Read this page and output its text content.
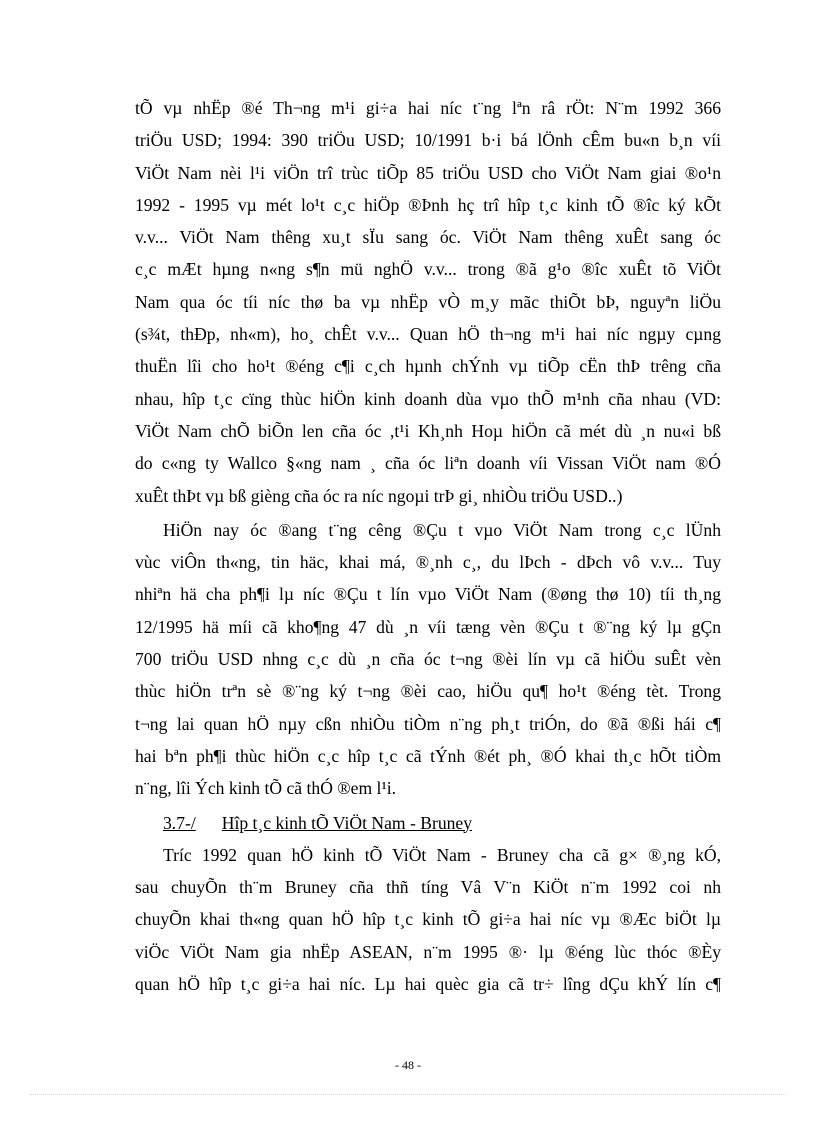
tÕ vµ nhËp ®é Th¬ng m¹i gi÷a hai níc t¨ng lªn râ rÖt: N¨m 1992 366
triÖu USD; 1994: 390 triÖu USD; 10/1991 b·i bá lÖnh cÊm bu«n b¸n víi
ViÖt Nam nèi l¹i viÖn trî trùc tiÕp 85 triÖu USD cho ViÖt Nam giai ®o¹n
1992 - 1995 vµ mét lo¹t c¸c hiÖp ®Þnh hç trî hîp t¸c kinh tÕ ®îc ký kÕt
v.v... ViÖt Nam thêng xu¸t sÏu sang óc. ViÖt Nam thêng xuÊt sang óc
c¸c mÆt hµng n«ng s¶n mü nghÖ v.v... trong ®ã g¹o ®îc xuÊt tõ ViÖt
Nam qua óc tíi níc thø ba vµ nhËp vÒ m¸y mãc thiÕt bÞ, nguyªn liÖu
(s¾t, thÐp, nh«m), ho¸ chÊt v.v... Quan hÖ th¬ng m¹i hai níc ngµy cµng
thuËn lîi cho ho¹t ®éng c¶i c¸ch hµnh chÝnh vµ tiÕp cËn thÞ trêng cña
nhau, hîp t¸c cïng thùc hiÖn kinh doanh dùa vµo thÕ m¹nh cña nhau (VD:
ViÖt Nam chÕ biÕn len cña óc ,t¹i Kh¸nh Hoµ hiÖn cã mét dù ¸n nu«i bß
do c«ng ty Wallco §«ng nam ¸ cña óc liªn doanh víi Vissan ViÖt nam ®Ó
xuÊt thÞt vµ bß gièng cña óc ra níc ngoµi trÞ gi¸ nhiÒu triÖu USD..)
HiÖn nay óc ®ang t¨ng cêng ®Çu t vµo ViÖt Nam trong c¸c lÜnh
vùc viÔn th«ng, tin häc, khai má, ®¸nh c¸, du lÞch - dÞch vô v.v... Tuy
nhiªn hä cha ph¶i lµ níc ®Çu t lín vµo ViÖt Nam (®øng thø 10) tíi th¸ng
12/1995 hä míi cã kho¶ng 47 dù ¸n víi tæng vèn ®Çu t ®¨ng ký lµ gÇn
700 triÖu USD nhng c¸c dù ¸n cña óc t¬ng ®èi lín vµ cã hiÖu suÊt vèn
thùc hiÖn trªn sè ®¨ng ký t¬ng ®èi cao, hiÖu qu¶ ho¹t ®éng tèt. Trong
t¬ng lai quan hÖ nµy cßn nhiÒu tiÒm n¨ng ph¸t triÓn, do ®ã ®ßi hái c¶
hai bªn ph¶i thùc hiÖn c¸c hîp t¸c cã tÝnh ®ét ph¸ ®Ó khai th¸c hÕt tiÒm
n¨ng, lîi Ých kinh tÕ cã thÓ ®em l¹i.
3.7-/ Hîp t¸c kinh tÕ ViÖt Nam - Bruney
Tríc 1992 quan hÖ kinh tÕ ViÖt Nam - Bruney cha cã g× ®¸ng kÓ,
sau chuyÕn th¨m Bruney cña thñ tíng Vâ V¨n KiÖt n¨m 1992 coi nh
chuyÕn khai th«ng quan hÖ hîp t¸c kinh tÕ gi÷a hai níc vµ ®Æc biÖt lµ
viÖc ViÖt Nam gia nhËp ASEAN, n¨m 1995 ®· lµ ®éng lùc thóc ®Èy
quan hÖ hîp t¸c gi÷a hai níc. Lµ hai quèc gia cã tr÷ lîng dÇu khÝ lín c¶
- 48 -
